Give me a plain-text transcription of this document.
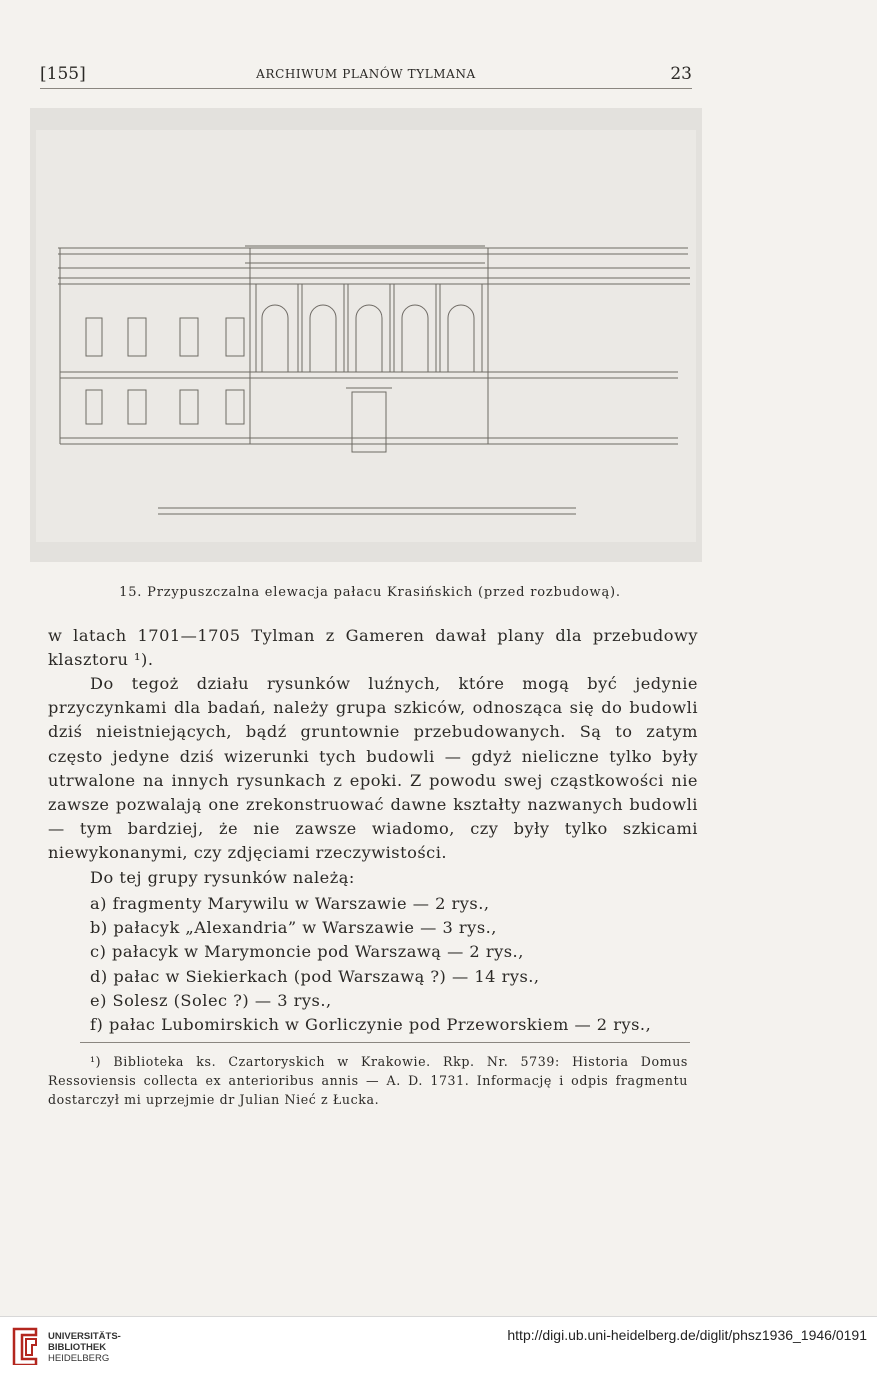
[155]	ARCHIWUM PLANÓW TYLMANA	23
15. Przypuszczalna elewacja pałacu Krasińskich (przed rozbudową).
w latach 1701—1705 Tylman z Gameren dawał plany dla przebudowy klasztoru ¹).
Do tegoż działu rysunków luźnych, które mogą być jedynie przyczynkami dla badań, należy grupa szkiców, odnosząca się do budowli dziś nieistniejących, bądź gruntownie przebudowanych. Są to zatym często jedyne dziś wizerunki tych budowli — gdyż nieliczne tylko były utrwalone na innych rysunkach z epoki. Z powodu swej cząstkowości nie zawsze pozwalają one zrekonstruować dawne kształty nazwanych budowli — tym bardziej, że nie zawsze wiadomo, czy były tylko szkicami niewykonanymi, czy zdjęciami rzeczywistości.
Do tej grupy rysunków należą:
a) fragmenty Marywilu w Warszawie — 2 rys.,
b) pałacyk „Alexandria” w Warszawie — 3 rys.,
c) pałacyk w Marymoncie pod Warszawą — 2 rys.,
d) pałac w Siekierkach (pod Warszawą ?) — 14 rys.,
e) Solesz (Solec ?) — 3 rys.,
f) pałac Lubomirskich w Gorliczynie pod Przeworskiem — 2 rys.,
¹) Biblioteka ks. Czartoryskich w Krakowie. Rkp. Nr. 5739: Historia Domus Ressoviensis collecta ex anterioribus annis — A. D. 1731. Informację i odpis fragmentu dostarczył mi uprzejmie dr Julian Nieć z Łucka.
UNIVERSITÄTS-
BIBLIOTHEK
HEIDELBERG
http://digi.ub.uni-heidelberg.de/diglit/phsz1936_1946/0191
